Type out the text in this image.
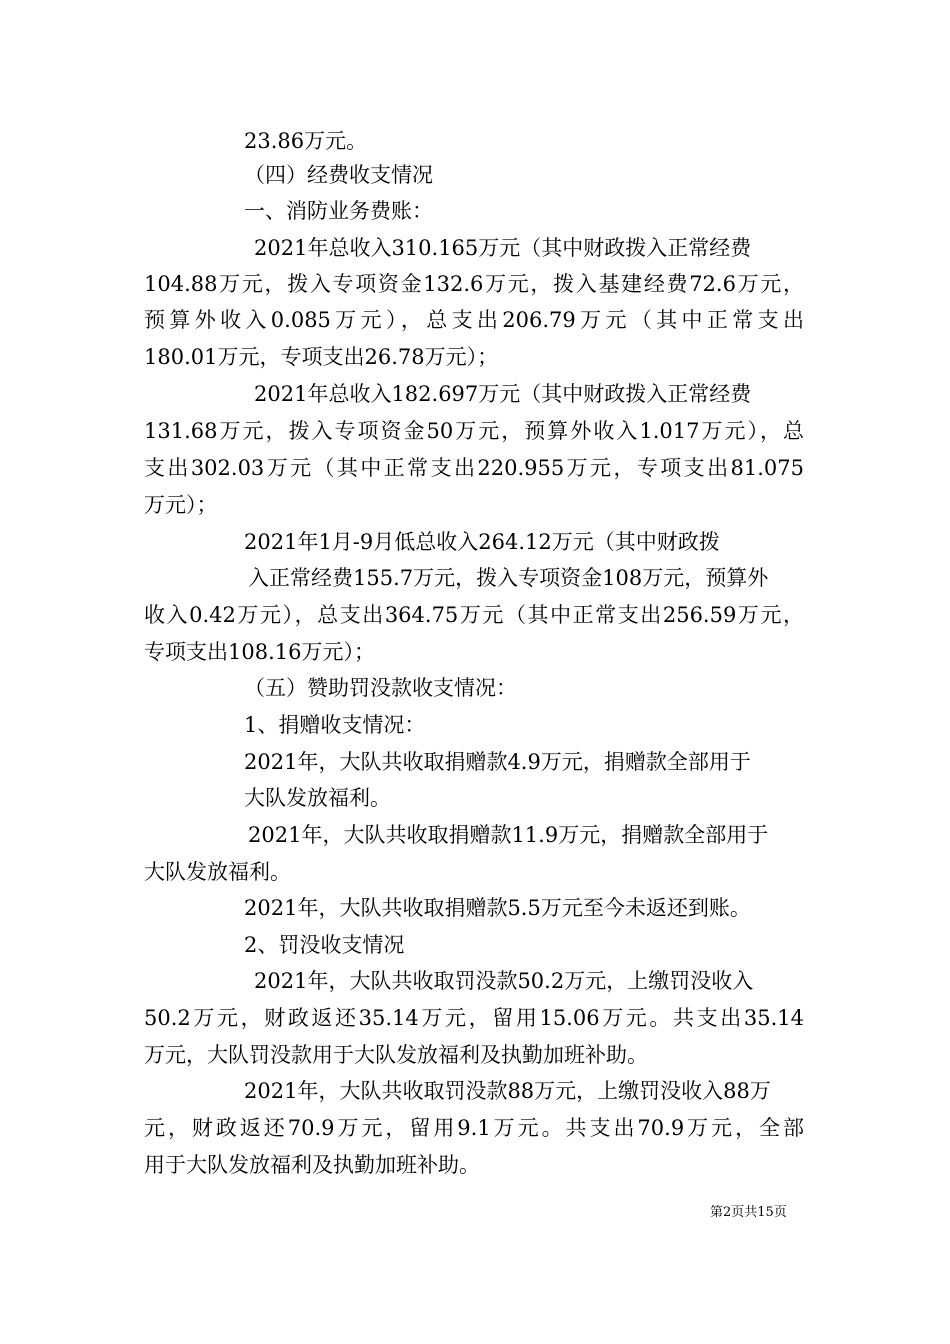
23.86万元。

（四）经费收支情况

一、消防业务费账：

2021年总收入310.165万元（其中财政拨入正常经费

104.88万元，拨入专项资金132.6万元，拨入基建经费72.6万元，

预算外收入0.085万元），总支出206.79万元（其中正常支出

180.01万元，专项支出26.78万元）；

2021年总收入182.697万元（其中财政拨入正常经费

131.68万元，拨入专项资金50万元，预算外收入1.017万元），总

支出302.03万元（其中正常支出220.955万元，专项支出81.075

万元）；

2021年1月-9月低总收入264.12万元（其中财政拨

入正常经费155.7万元，拨入专项资金108万元，预算外

收入0.42万元），总支出364.75万元（其中正常支出256.59万元，

专项支出108.16万元）；

（五）赞助罚没款收支情况：

1、捐赠收支情况：

2021年，大队共收取捐赠款4.9万元，捐赠款全部用于

大队发放福利。

2021年，大队共收取捐赠款11.9万元，捐赠款全部用于

大队发放福利。

2021年，大队共收取捐赠款5.5万元至今未返还到账。

2、罚没收支情况

2021年，大队共收取罚没款50.2万元，上缴罚没收入

50.2万元，财政返还35.14万元，留用15.06万元。共支出35.14

万元，大队罚没款用于大队发放福利及执勤加班补助。

2021年，大队共收取罚没款88万元，上缴罚没收入88万

元，财政返还70.9万元，留用9.1万元。共支出70.9万元，全部

用于大队发放福利及执勤加班补助。

第2页共15页
